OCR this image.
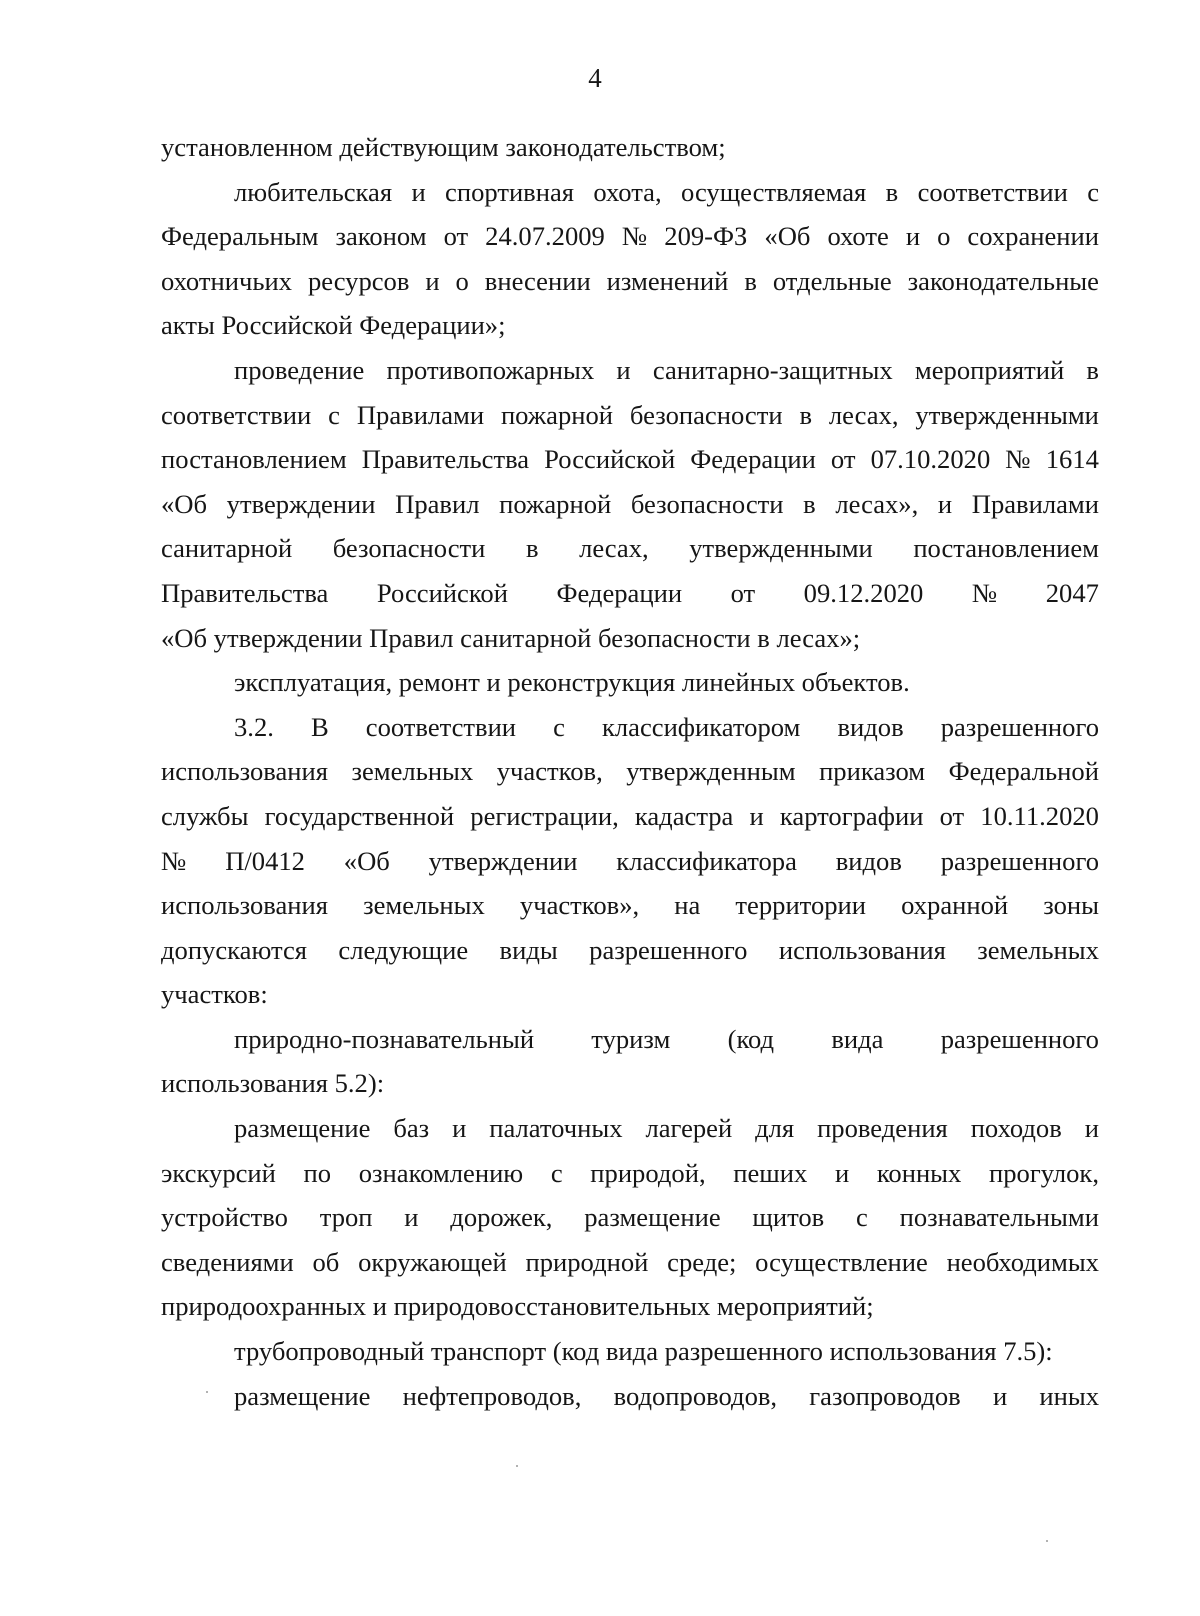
4
установленном действующим законодательством;
любительская и спортивная охота, осуществляемая в соответствии с
Федеральным законом от 24.07.2009 № 209-ФЗ «Об охоте и о сохранении
охотничьих ресурсов и о внесении изменений в отдельные законодательные
акты Российской Федерации»;
проведение противопожарных и санитарно-защитных мероприятий в
соответствии с Правилами пожарной безопасности в лесах, утвержденными
постановлением Правительства Российской Федерации от 07.10.2020 № 1614
«Об утверждении Правил пожарной безопасности в лесах», и Правилами
санитарной безопасности в лесах, утвержденными постановлением
Правительства Российской Федерации от 09.12.2020 № 2047
«Об утверждении Правил санитарной безопасности в лесах»;
эксплуатация, ремонт и реконструкция линейных объектов.
3.2. В соответствии с классификатором видов разрешенного
использования земельных участков, утвержденным приказом Федеральной
службы государственной регистрации, кадастра и картографии от 10.11.2020
№ П/0412 «Об утверждении классификатора видов разрешенного
использования земельных участков», на территории охранной зоны
допускаются следующие виды разрешенного использования земельных
участков:
природно-познавательный туризм (код вида разрешенного
использования 5.2):
размещение баз и палаточных лагерей для проведения походов и
экскурсий по ознакомлению с природой, пеших и конных прогулок,
устройство троп и дорожек, размещение щитов с познавательными
сведениями об окружающей природной среде; осуществление необходимых
природоохранных и природовосстановительных мероприятий;
трубопроводный транспорт (код вида разрешенного использования 7.5):
размещение нефтепроводов, водопроводов, газопроводов и иных
